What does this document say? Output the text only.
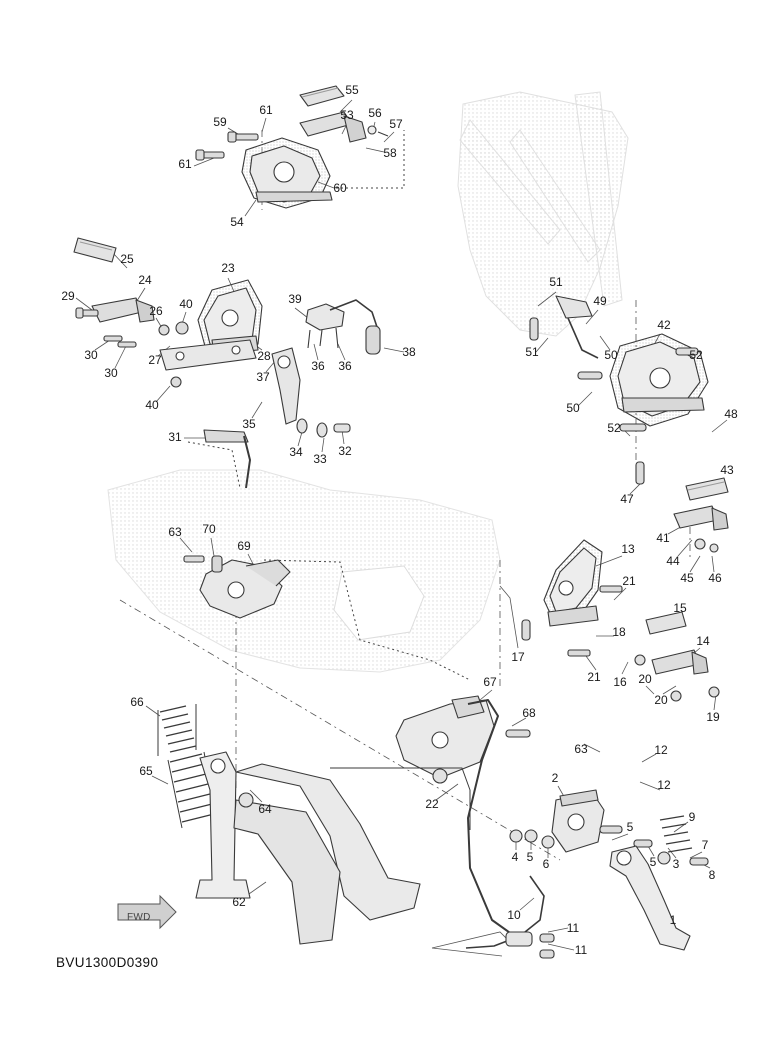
FWD
BVU1300D0390
55
59
61	53 56
57
58
61
60
54
25
24
23
29
26 40	39
51
49
42
30	27
30
28
37
36 36
38	51	50	52
40	50	48
35
31
34 33
32
52
43
47
41
44
45 46
63 70
69	13
21
15
18
14
17
21 16 20
20
19
66
67
68
63	12
65	2	12
22
64
9
5
7
4 5 6	5 3
8
62
10
11
1
11
